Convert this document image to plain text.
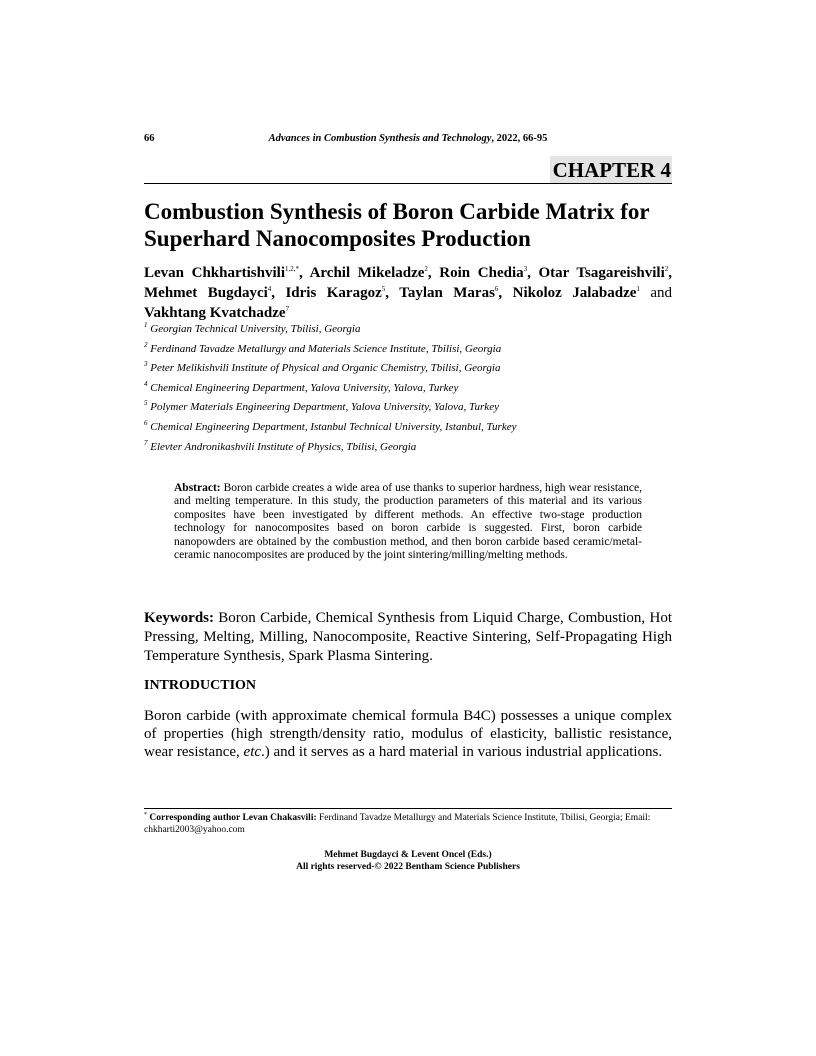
66	Advances in Combustion Synthesis and Technology, 2022, 66-95
CHAPTER 4
Combustion Synthesis of Boron Carbide Matrix for Superhard Nanocomposites Production
Levan Chkhartishvili$^{1,2,*}$, Archil Mikeladze$^2$, Roin Chedia$^3$, Otar Tsagareishvili$^2$, Mehmet Bugdayci$^4$, Idris Karagoz$^5$, Taylan Maras$^6$, Nikoloz Jalabadze$^1$ and Vakhtang Kvatchadze$^7$
$^1$ Georgian Technical University, Tbilisi, Georgia
$^2$ Ferdinand Tavadze Metallurgy and Materials Science Institute, Tbilisi, Georgia
$^3$ Peter Melikishvili Institute of Physical and Organic Chemistry, Tbilisi, Georgia
$^4$ Chemical Engineering Department, Yalova University, Yalova, Turkey
$^5$ Polymer Materials Engineering Department, Yalova University, Yalova, Turkey
$^6$ Chemical Engineering Department, Istanbul Technical University, Istanbul, Turkey
$^7$ Elevter Andronikashvili Institute of Physics, Tbilisi, Georgia
Abstract: Boron carbide creates a wide area of use thanks to superior hardness, high wear resistance, and melting temperature. In this study, the production parameters of this material and its various composites have been investigated by different methods. An effective two-stage production technology for nanocomposites based on boron carbide is suggested. First, boron carbide nanopowders are obtained by the combustion method, and then boron carbide based ceramic/metal-ceramic nanocomposites are produced by the joint sintering/milling/melting methods.
Keywords: Boron Carbide, Chemical Synthesis from Liquid Charge, Combustion, Hot Pressing, Melting, Milling, Nanocomposite, Reactive Sintering, Self-Propagating High Temperature Synthesis, Spark Plasma Sintering.
INTRODUCTION
Boron carbide (with approximate chemical formula B4C) possesses a unique complex of properties (high strength/density ratio, modulus of elasticity, ballistic resistance, wear resistance, etc.) and it serves as a hard material in various industrial applications.
* Corresponding author Levan Chakasvili: Ferdinand Tavadze Metallurgy and Materials Science Institute, Tbilisi, Georgia; Email: chkharti2003@yahoo.com
Mehmet Bugdayci & Levent Oncel (Eds.)
All rights reserved-© 2022 Bentham Science Publishers
